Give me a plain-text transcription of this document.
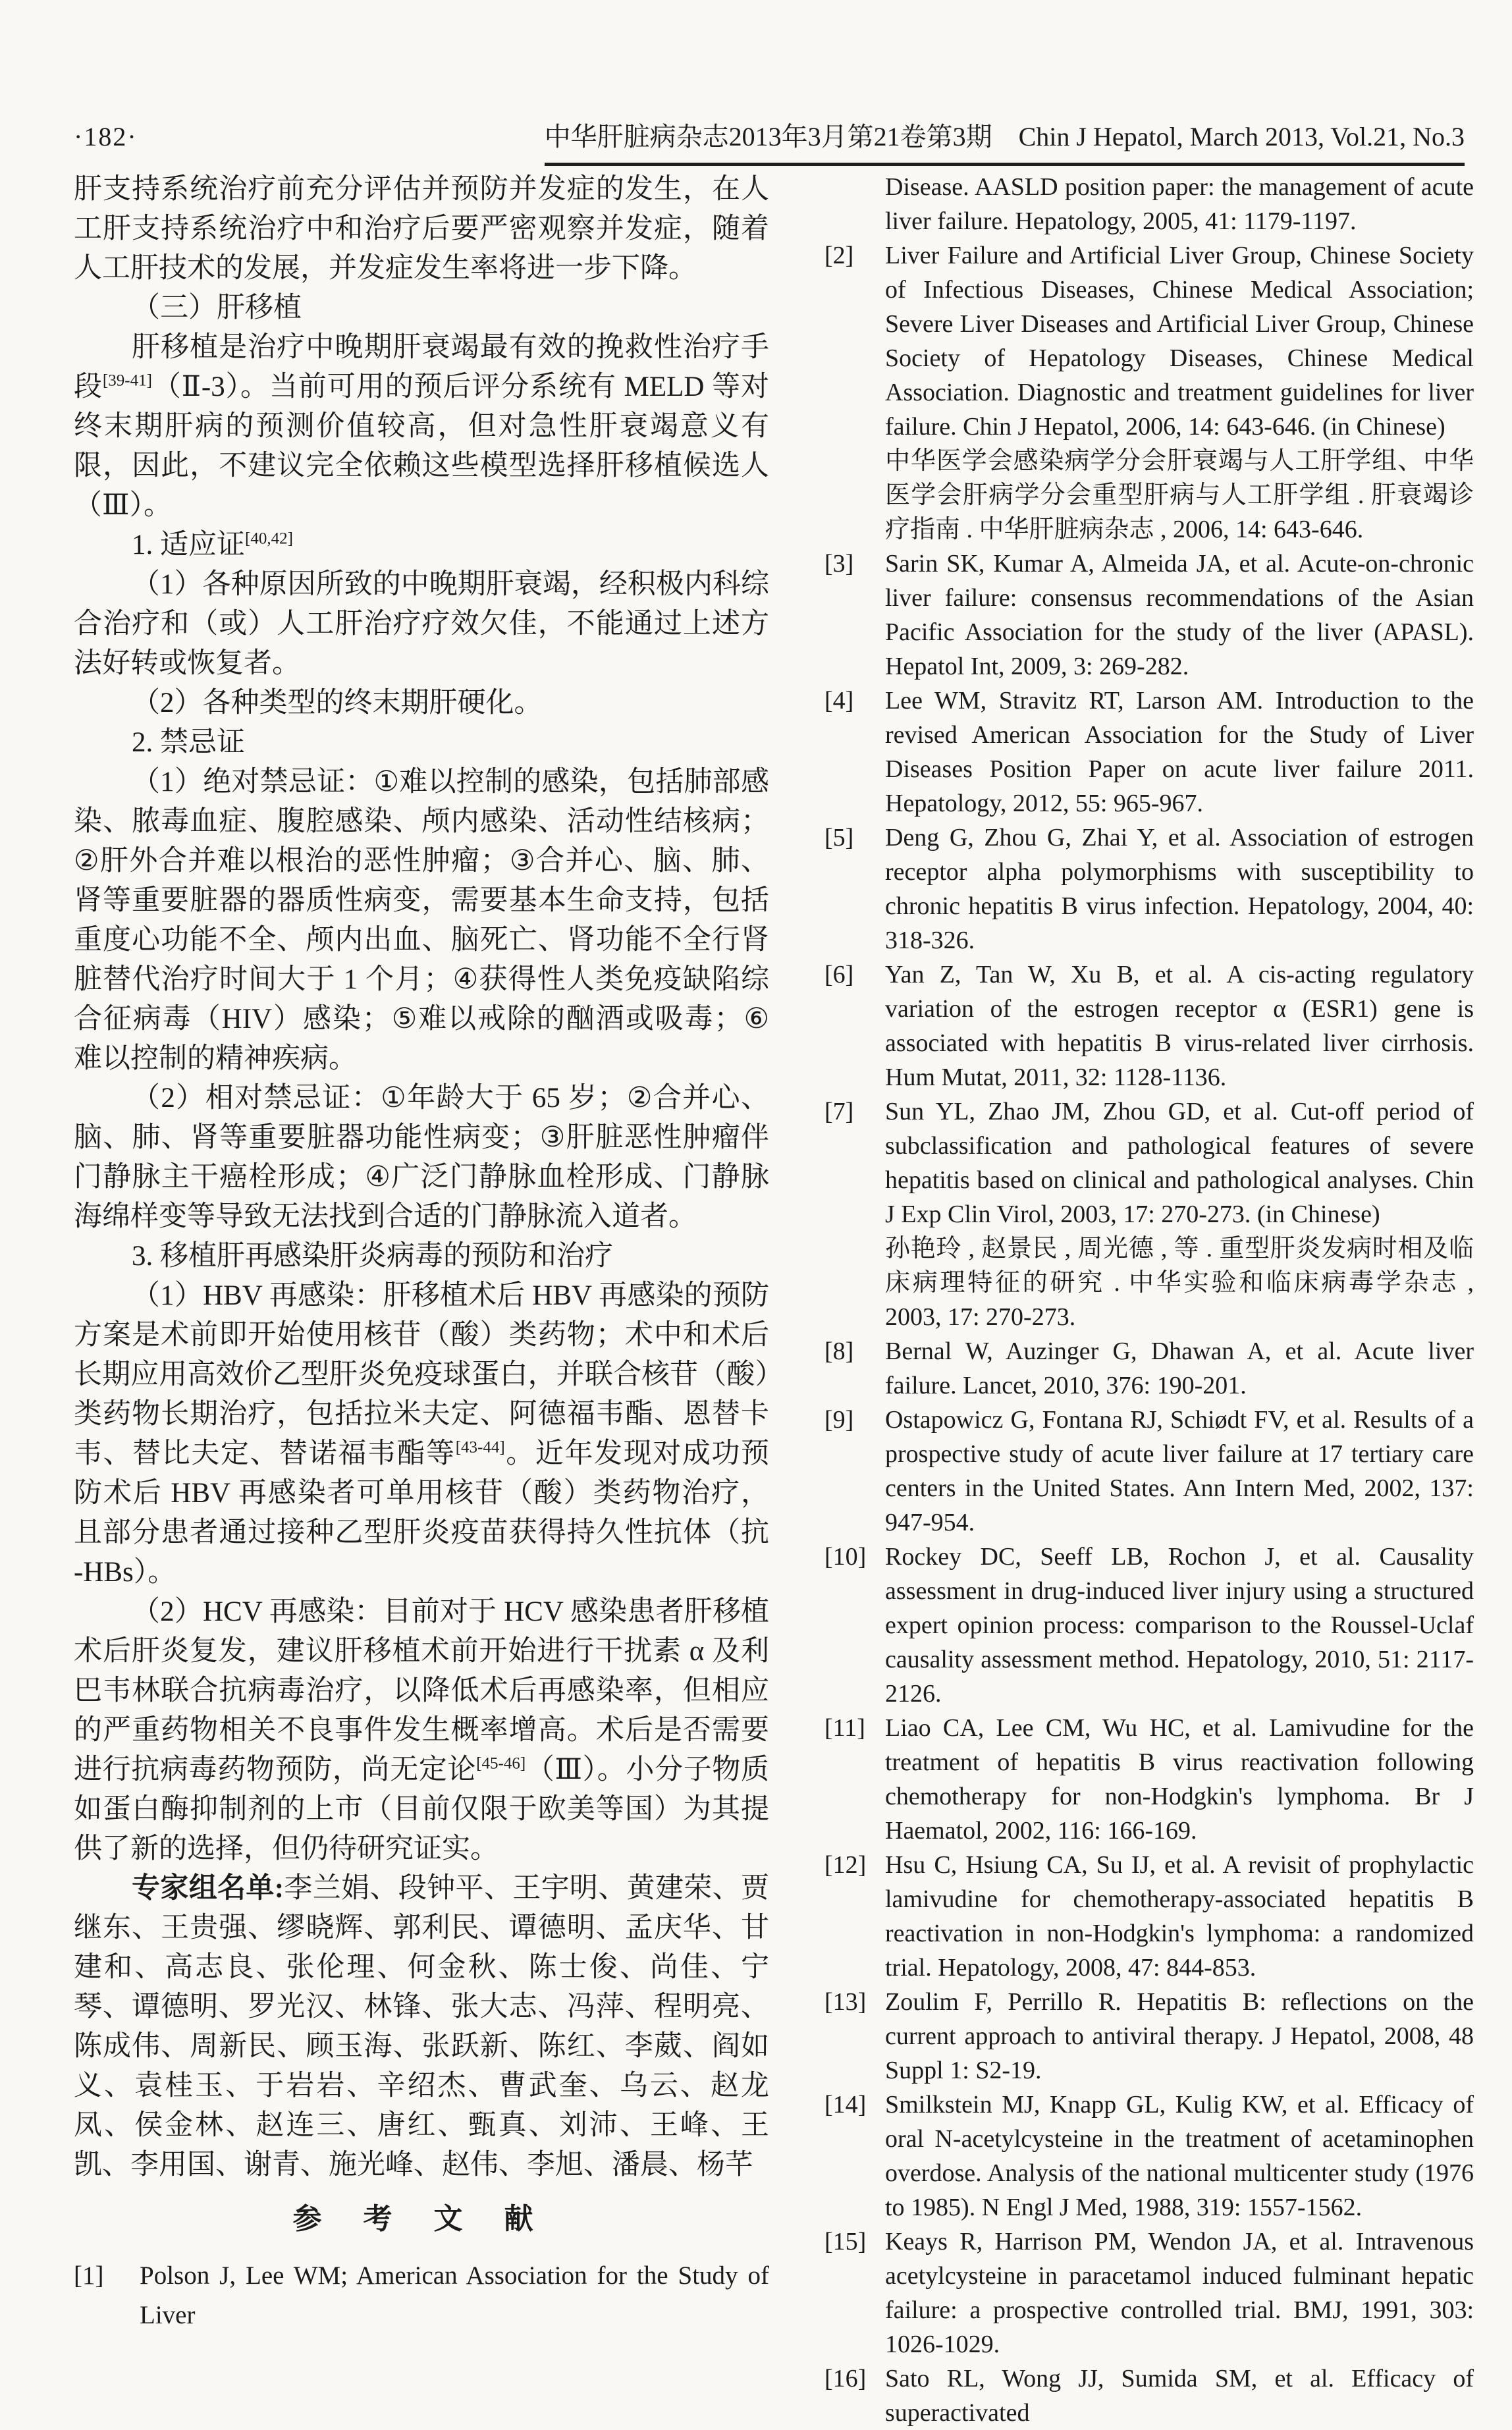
·182·	中华肝脏病杂志2013年3月第21卷第3期　Chin J Hepatol, March 2013, Vol.21, No.3

肝支持系统治疗前充分评估并预防并发症的发生，在人工肝支持系统治疗中和治疗后要严密观察并发症，随着人工肝技术的发展，并发症发生率将进一步下降。

（三）肝移植

肝移植是治疗中晚期肝衰竭最有效的挽救性治疗手段[39-41]（Ⅱ-3）。当前可用的预后评分系统有 MELD 等对终末期肝病的预测价值较高，但对急性肝衰竭意义有限，因此，不建议完全依赖这些模型选择肝移植候选人（Ⅲ）。

1. 适应证[40,42]

（1）各种原因所致的中晚期肝衰竭，经积极内科综合治疗和（或）人工肝治疗疗效欠佳，不能通过上述方法好转或恢复者。

（2）各种类型的终末期肝硬化。

2. 禁忌证

（1）绝对禁忌证：①难以控制的感染，包括肺部感染、脓毒血症、腹腔感染、颅内感染、活动性结核病；②肝外合并难以根治的恶性肿瘤；③合并心、脑、肺、肾等重要脏器的器质性病变，需要基本生命支持，包括重度心功能不全、颅内出血、脑死亡、肾功能不全行肾脏替代治疗时间大于 1 个月；④获得性人类免疫缺陷综合征病毒（HIV）感染；⑤难以戒除的酗酒或吸毒；⑥难以控制的精神疾病。

（2）相对禁忌证：①年龄大于 65 岁；②合并心、脑、肺、肾等重要脏器功能性病变；③肝脏恶性肿瘤伴门静脉主干癌栓形成；④广泛门静脉血栓形成、门静脉海绵样变等导致无法找到合适的门静脉流入道者。

3. 移植肝再感染肝炎病毒的预防和治疗

（1）HBV 再感染：肝移植术后 HBV 再感染的预防方案是术前即开始使用核苷（酸）类药物；术中和术后长期应用高效价乙型肝炎免疫球蛋白，并联合核苷（酸）类药物长期治疗，包括拉米夫定、阿德福韦酯、恩替卡韦、替比夫定、替诺福韦酯等[43-44]。近年发现对成功预防术后 HBV 再感染者可单用核苷（酸）类药物治疗，且部分患者通过接种乙型肝炎疫苗获得持久性抗体（抗 -HBs）。

（2）HCV 再感染：目前对于 HCV 感染患者肝移植术后肝炎复发，建议肝移植术前开始进行干扰素 α 及利巴韦林联合抗病毒治疗，以降低术后再感染率，但相应的严重药物相关不良事件发生概率增高。术后是否需要进行抗病毒药物预防，尚无定论[45-46]（Ⅲ）。小分子物质如蛋白酶抑制剂的上市（目前仅限于欧美等国）为其提供了新的选择，但仍待研究证实。

专家组名单:李兰娟、段钟平、王宇明、黄建荣、贾继东、王贵强、缪晓辉、郭利民、谭德明、孟庆华、甘建和、高志良、张伦理、何金秋、陈士俊、尚佳、宁琴、谭德明、罗光汉、林锋、张大志、冯萍、程明亮、陈成伟、周新民、顾玉海、张跃新、陈红、李葳、阎如义、袁桂玉、于岩岩、辛绍杰、曹武奎、乌云、赵龙凤、侯金林、赵连三、唐红、甄真、刘沛、王峰、王凯、李用国、谢青、施光峰、赵伟、李旭、潘晨、杨芊

参 考 文 献
[1]	Polson J, Lee WM; American Association for the Study of Liver
Disease. AASLD position paper: the management of acute liver failure. Hepatology, 2005, 41: 1179-1197.
[2]	Liver Failure and Artificial Liver Group, Chinese Society of Infectious Diseases, Chinese Medical Association; Severe Liver Diseases and Artificial Liver Group, Chinese Society of Hepatology Diseases, Chinese Medical Association. Diagnostic and treatment guidelines for liver failure. Chin J Hepatol, 2006, 14: 643-646. (in Chinese)
中华医学会感染病学分会肝衰竭与人工肝学组、中华医学会肝病学分会重型肝病与人工肝学组 . 肝衰竭诊疗指南 . 中华肝脏病杂志 , 2006, 14: 643-646.
[3]	Sarin SK, Kumar A, Almeida JA, et al. Acute-on-chronic liver failure: consensus recommendations of the Asian Pacific Association for the study of the liver (APASL). Hepatol Int, 2009, 3: 269-282.
[4]	Lee WM, Stravitz RT, Larson AM. Introduction to the revised American Association for the Study of Liver Diseases Position Paper on acute liver failure 2011. Hepatology, 2012, 55: 965-967.
[5]	Deng G, Zhou G, Zhai Y, et al. Association of estrogen receptor alpha polymorphisms with susceptibility to chronic hepatitis B virus infection. Hepatology, 2004, 40: 318-326.
[6]	Yan Z, Tan W, Xu B, et al. A cis-acting regulatory variation of the estrogen receptor α (ESR1) gene is associated with hepatitis B virus-related liver cirrhosis. Hum Mutat, 2011, 32: 1128-1136.
[7]	Sun YL, Zhao JM, Zhou GD, et al. Cut-off period of subclassification and pathological features of severe hepatitis based on clinical and pathological analyses. Chin J Exp Clin Virol, 2003, 17: 270-273. (in Chinese)
孙艳玲 , 赵景民 , 周光德 , 等 . 重型肝炎发病时相及临床病理特征的研究 . 中华实验和临床病毒学杂志 , 2003, 17: 270-273.
[8]	Bernal W, Auzinger G, Dhawan A, et al. Acute liver failure. Lancet, 2010, 376: 190-201.
[9]	Ostapowicz G, Fontana RJ, Schiødt FV, et al. Results of a prospective study of acute liver failure at 17 tertiary care centers in the United States. Ann Intern Med, 2002, 137: 947-954.
[10] Rockey DC, Seeff LB, Rochon J, et al. Causality assessment in drug-induced liver injury using a structured expert opinion process: comparison to the Roussel-Uclaf causality assessment method. Hepatology, 2010, 51: 2117-2126.
[11] Liao CA, Lee CM, Wu HC, et al. Lamivudine for the treatment of hepatitis B virus reactivation following chemotherapy for non-Hodgkin's lymphoma. Br J Haematol, 2002, 116: 166-169.
[12] Hsu C, Hsiung CA, Su IJ, et al. A revisit of prophylactic lamivudine for chemotherapy-associated hepatitis B reactivation in non-Hodgkin's lymphoma: a randomized trial. Hepatology, 2008, 47: 844-853.
[13] Zoulim F, Perrillo R. Hepatitis B: reflections on the current approach to antiviral therapy. J Hepatol, 2008, 48 Suppl 1: S2-19.
[14] Smilkstein MJ, Knapp GL, Kulig KW, et al. Efficacy of oral N-acetylcysteine in the treatment of acetaminophen overdose. Analysis of the national multicenter study (1976 to 1985). N Engl J Med, 1988, 319: 1557-1562.
[15] Keays R, Harrison PM, Wendon JA, et al. Intravenous acetylcysteine in paracetamol induced fulminant hepatic failure: a prospective controlled trial. BMJ, 1991, 303: 1026-1029.
[16] Sato RL, Wong JJ, Sumida SM, et al. Efficacy of superactivated
